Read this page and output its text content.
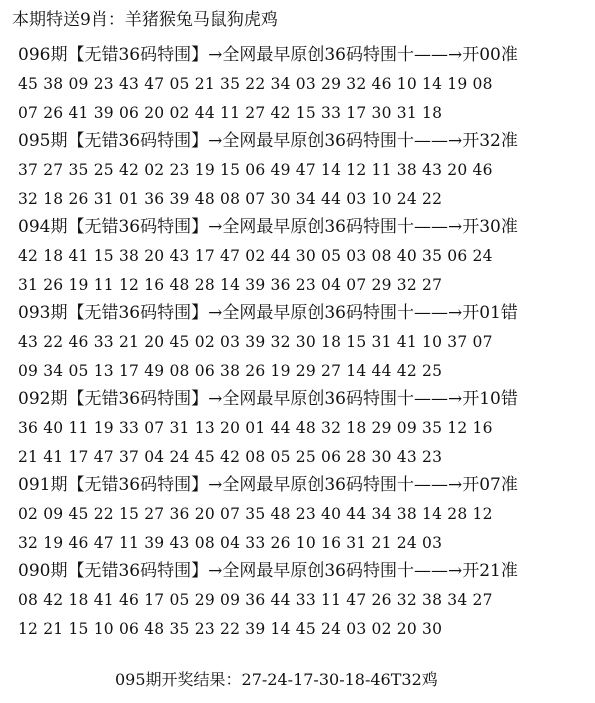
本期特送9肖：羊猪猴兔马鼠狗虎鸡
096期【无错36码特围】→全网最早原创36码特围十——→开00准
45 38 09 23 43 47 05 21 35 22 34 03 29 32 46 10 14 19 08
07 26 41 39 06 20 02 44 11 27 42 15 33 17 30 31 18
095期【无错36码特围】→全网最早原创36码特围十——→开32准
37 27 35 25 42 02 23 19 15 06 49 47 14 12 11 38 43 20 46
32 18 26 31 01 36 39 48 08 07 30 34 44 03 10 24 22
094期【无错36码特围】→全网最早原创36码特围十——→开30准
42 18 41 15 38 20 43 17 47 02 44 30 05 03 08 40 35 06 24
31 26 19 11 12 16 48 28 14 39 36 23 04 07 29 32 27
093期【无错36码特围】→全网最早原创36码特围十——→开01错
43 22 46 33 21 20 45 02 03 39 32 30 18 15 31 41 10 37 07
09 34 05 13 17 49 08 06 38 26 19 29 27 14 44 42 25
092期【无错36码特围】→全网最早原创36码特围十——→开10错
36 40 11 19 33 07 31 13 20 01 44 48 32 18 29 09 35 12 16
21 41 17 47 37 04 24 45 42 08 05 25 06 28 30 43 23
091期【无错36码特围】→全网最早原创36码特围十——→开07准
02 09 45 22 15 27 36 20 07 35 48 23 40 44 34 38 14 28 12
32 19 46 47 11 39 43 08 04 33 26 10 16 31 21 24 03
090期【无错36码特围】→全网最早原创36码特围十——→开21准
08 42 18 41 46 17 05 29 09 36 44 33 11 47 26 32 38 34 27
12 21 15 10 06 48 35 23 22 39 14 45 24 03 02 20 30
095期开奖结果：27-24-17-30-18-46T32鸡
